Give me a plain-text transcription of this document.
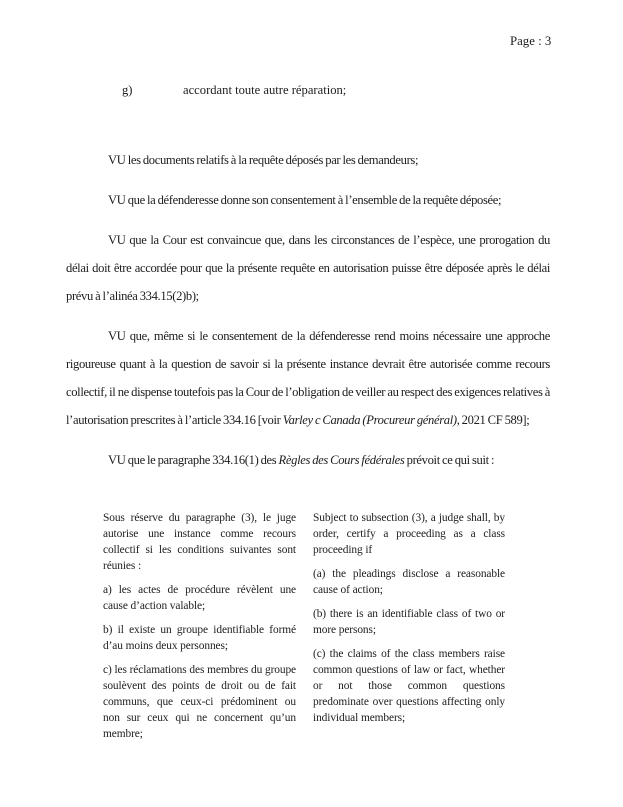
Page : 3
g)	accordant toute autre réparation;

VU les documents relatifs à la requête déposés par les demandeurs;

VU que la défenderesse donne son consentement à l’ensemble de la requête déposée;

VU que la Cour est convaincue que, dans les circonstances de l’espèce, une prorogation du délai doit être accordée pour que la présente requête en autorisation puisse être déposée après le délai prévu à l’alinéa 334.15(2)b);

VU que, même si le consentement de la défenderesse rend moins nécessaire une approche rigoureuse quant à la question de savoir si la présente instance devrait être autorisée comme recours collectif, il ne dispense toutefois pas la Cour de l’obligation de veiller au respect des exigences relatives à l’autorisation prescrites à l’article 334.16 [voir Varley c Canada (Procureur général), 2021 CF 589];

VU que le paragraphe 334.16(1) des Règles des Cours fédérales prévoit ce qui suit :

Sous réserve du paragraphe (3), le juge autorise une instance comme recours collectif si les conditions suivantes sont réunies :

a) les actes de procédure révèlent une cause d’action valable;

b) il existe un groupe identifiable formé d’au moins deux personnes;

c) les réclamations des membres du groupe soulèvent des points de droit ou de fait communs, que ceux-ci prédominent ou non sur ceux qui ne concernent qu’un membre;

Subject to subsection (3), a judge shall, by order, certify a proceeding as a class proceeding if

(a) the pleadings disclose a reasonable cause of action;

(b) there is an identifiable class of two or more persons;

(c) the claims of the class members raise common questions of law or fact, whether or not those common questions predominate over questions affecting only individual members;
